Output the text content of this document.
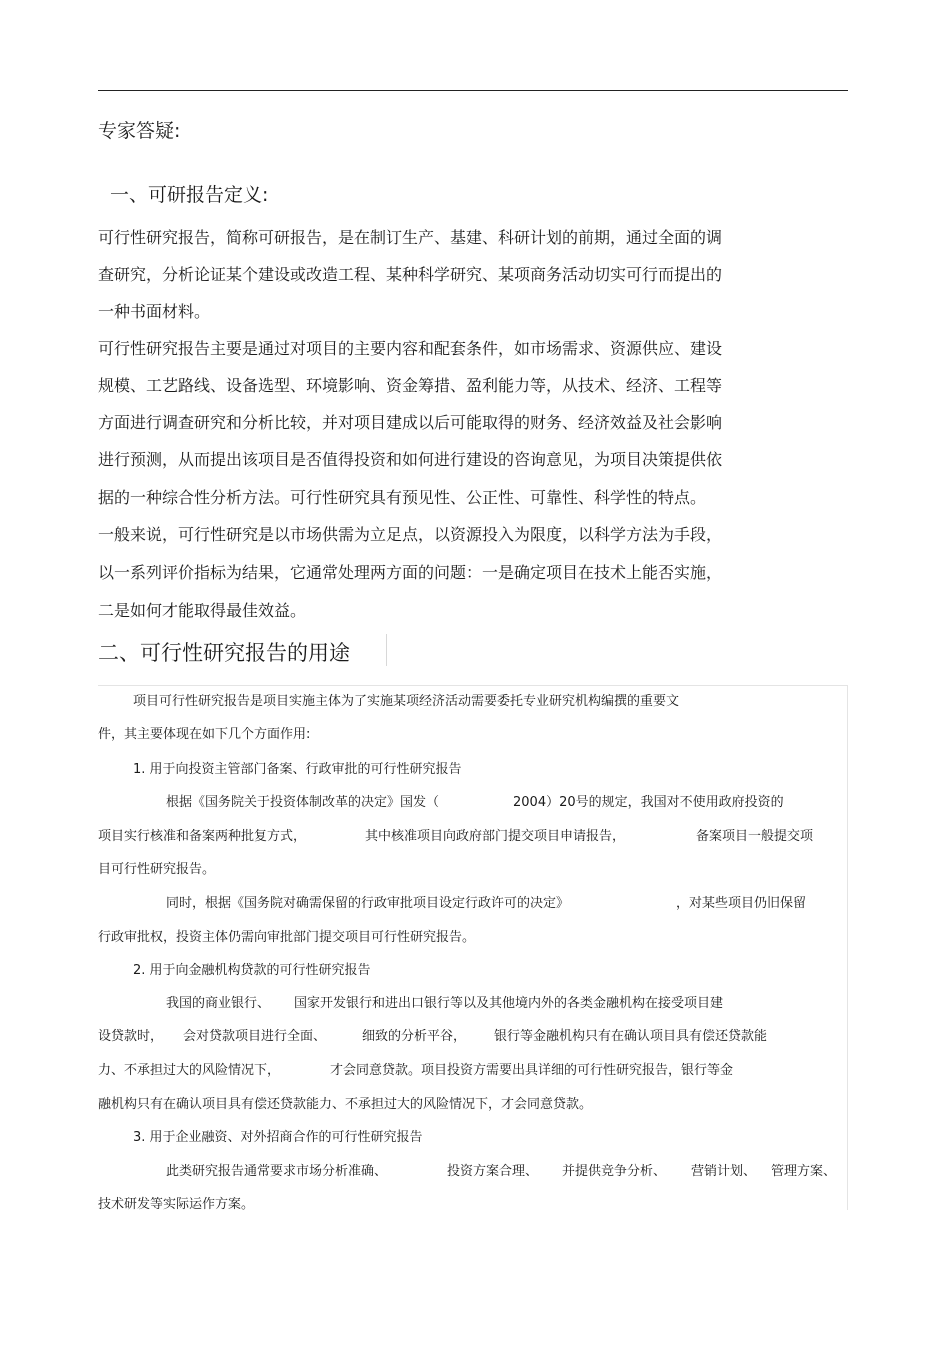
专家答疑:
一、可研报告定义:
可行性研究报告，简称可研报告，是在制订生产、基建、科研计划的前期，通过全面的调
查研究，分析论证某个建设或改造工程、某种科学研究、某项商务活动切实可行而提出的
一种书面材料。
可行性研究报告主要是通过对项目的主要内容和配套条件，如市场需求、资源供应、建设
规模、工艺路线、设备选型、环境影响、资金筹措、盈利能力等，从技术、经济、工程等
方面进行调查研究和分析比较，并对项目建成以后可能取得的财务、经济效益及社会影响
进行预测，从而提出该项目是否值得投资和如何进行建设的咨询意见，为项目决策提供依
据的一种综合性分析方法。可行性研究具有预见性、公正性、可靠性、科学性的特点。
一般来说，可行性研究是以市场供需为立足点，以资源投入为限度，以科学方法为手段，
以一系列评价指标为结果，它通常处理两方面的问题：一是确定项目在技术上能否实施，
二是如何才能取得最佳效益。
二、可行性研究报告的用途
项目可行性研究报告是项目实施主体为了实施某项经济活动需要委托专业研究机构编撰的重要文
件，其主要体现在如下几个方面作用:
1. 用于向投资主管部门备案、行政审批的可行性研究报告
根据《国务院关于投资体制改革的决定》国发（	2004）20号的规定，我国对不使用政府投资的
项目实行核准和备案两种批复方式，	其中核准项目向政府部门提交项目申请报告，	备案项目一般提交项
目可行性研究报告。
同时，根据《国务院对确需保留的行政审批项目设定行政许可的决定》	，对某些项目仍旧保留
行政审批权，投资主体仍需向审批部门提交项目可行性研究报告。
2. 用于向金融机构贷款的可行性研究报告
我国的商业银行、 国家开发银行和进出口银行等以及其他境内外的各类金融机构在接受项目建
设贷款时， 会对贷款项目进行全面、	细致的分析平谷， 银行等金融机构只有在确认项目具有偿还贷款能
力、不承担过大的风险情况下，	才会同意贷款。项目投资方需要出具详细的可行性研究报告，银行等金
融机构只有在确认项目具有偿还贷款能力、不承担过大的风险情况下，才会同意贷款。
3. 用于企业融资、对外招商合作的可行性研究报告
此类研究报告通常要求市场分析准确、	投资方案合理、 并提供竞争分析、 营销计划、 管理方案、
技术研发等实际运作方案。
